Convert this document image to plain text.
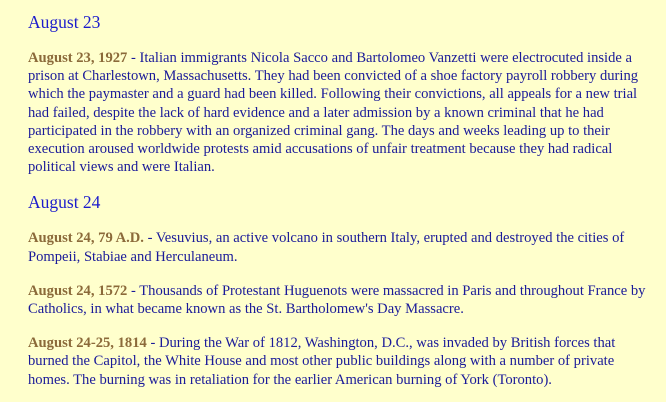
August 23

August 23, 1927 - Italian immigrants Nicola Sacco and Bartolomeo Vanzetti were electrocuted inside a prison at Charlestown, Massachusetts. They had been convicted of a shoe factory payroll robbery during which the paymaster and a guard had been killed. Following their convictions, all appeals for a new trial had failed, despite the lack of hard evidence and a later admission by a known criminal that he had participated in the robbery with an organized criminal gang. The days and weeks leading up to their execution aroused worldwide protests amid accusations of unfair treatment because they had radical political views and were Italian.

August 24

August 24, 79 A.D. - Vesuvius, an active volcano in southern Italy, erupted and destroyed the cities of Pompeii, Stabiae and Herculaneum.

August 24, 1572 - Thousands of Protestant Huguenots were massacred in Paris and throughout France by Catholics, in what became known as the St. Bartholomew's Day Massacre.

August 24-25, 1814 - During the War of 1812, Washington, D.C., was invaded by British forces that burned the Capitol, the White House and most other public buildings along with a number of private homes. The burning was in retaliation for the earlier American burning of York (Toronto).
